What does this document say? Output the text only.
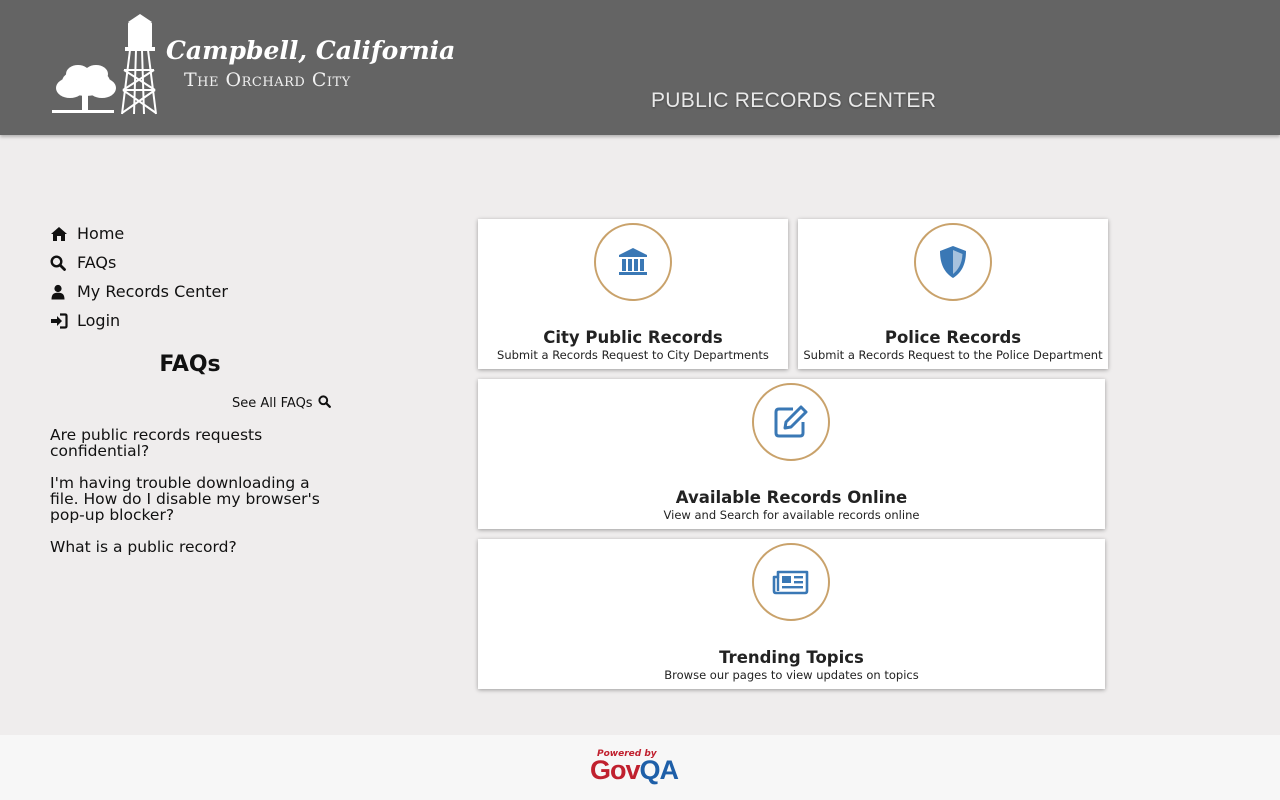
Campbell, California
The Orchard City
PUBLIC RECORDS CENTER
Home
FAQs
My Records Center
Login
FAQs
See All FAQs
Are public records requests confidential?
I'm having trouble downloading a file. How do I disable my browser's pop-up blocker?
What is a public record?
City Public Records
Submit a Records Request to City Departments
Police Records
Submit a Records Request to the Police Department
Available Records Online
View and Search for available records online
Trending Topics
Browse our pages to view updates on topics
Powered by
GovQA
